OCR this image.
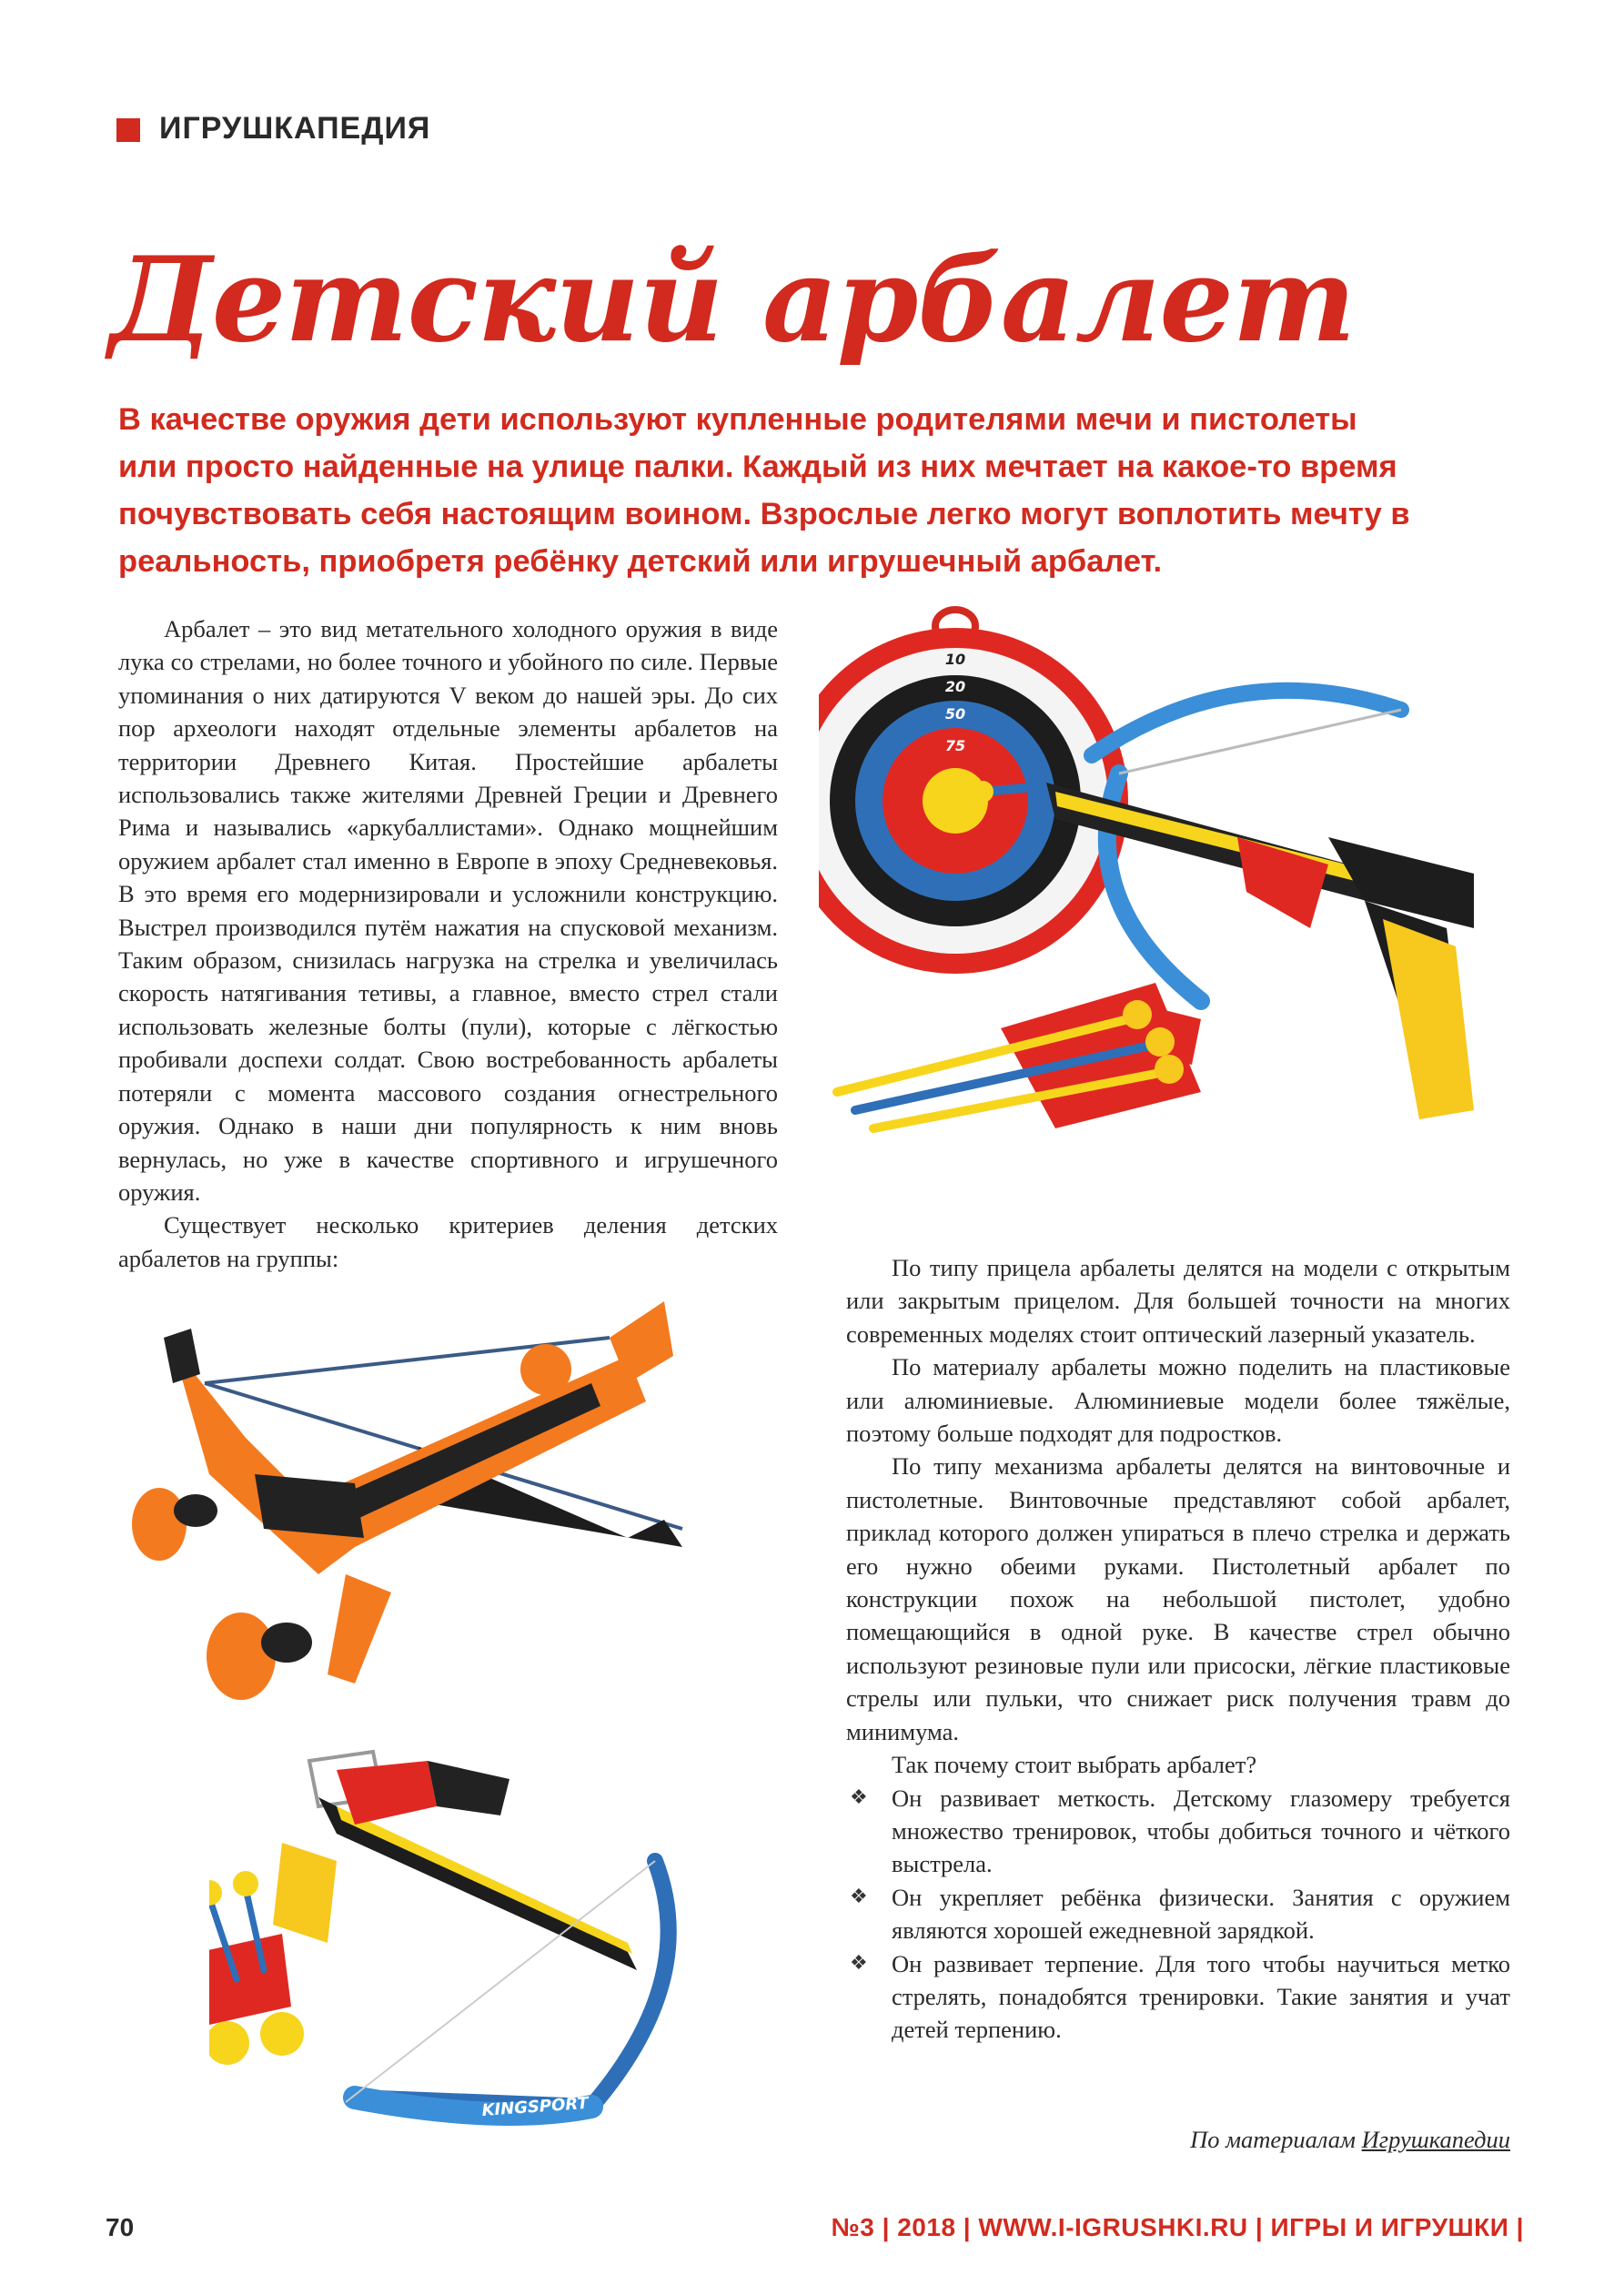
ИГРУШКАПЕДИЯ
Детский арбалет
В качестве оружия дети используют купленные родителями мечи и пистолеты
или просто найденные на улице палки. Каждый из них мечтает на какое-то время
почувствовать себя настоящим воином. Взрослые легко могут воплотить мечту в
реальность, приобретя ребёнку детский или игрушечный арбалет.

Арбалет – это вид метательного холодного оружия в виде лука со стрелами, но более точного и убойного по силе. Первые упоминания о них датируются V веком до нашей эры. До сих пор археологи находят отдельные элементы арбалетов на территории Древнего Китая. Простейшие арбалеты использовались также жителями Древней Греции и Древнего Рима и назывались «аркубаллистами». Однако мощнейшим оружием арбалет стал именно в Европе в эпоху Средневековья. В это время его модернизировали и усложнили конструкцию. Выстрел производился путём нажатия на спусковой механизм. Таким образом, снизилась нагрузка на стрелка и увеличилась скорость натягивания тетивы, а главное, вместо стрел стали использовать железные болты (пули), которые с лёгкостью пробивали доспехи солдат. Свою востребованность арбалеты потеряли с момента массового создания огнестрельного оружия. Однако в наши дни популярность к ним вновь вернулась, но уже в качестве спортивного и игрушечного оружия.

Существует несколько критериев деления детских арбалетов на группы:

10
20
50
75
KINGSPORT

По типу прицела арбалеты делятся на модели с открытым или закрытым прицелом. Для большей точности на многих современных моделях стоит оптический лазерный указатель.

По материалу арбалеты можно поделить на пластиковые или алюминиевые. Алюминиевые модели более тяжёлые, поэтому больше подходят для подростков.

По типу механизма арбалеты делятся на винтовочные и пистолетные. Винтовочные представляют собой арбалет, приклад которого должен упираться в плечо стрелка и держать его нужно обеими руками. Пистолетный арбалет по конструкции похож на небольшой пистолет, удобно помещающийся в одной руке. В качестве стрел обычно используют резиновые пули или присоски, лёгкие пластиковые стрелы или пульки, что снижает риск получения травм до минимума.

Так почему стоит выбрать арбалет?

❖ Он развивает меткость. Детскому глазомеру требуется множество тренировок, чтобы добиться точного и чёткого выстрела.
❖ Он укрепляет ребёнка физически. Занятия с оружием являются хорошей ежедневной зарядкой.
❖ Он развивает терпение. Для того чтобы научиться метко стрелять, понадобятся тренировки. Такие занятия и учат детей терпению.
По материалам Игрушкапедии
70	№3 | 2018 | WWW.I-IGRUSHKI.RU | ИГРЫ И ИГРУШКИ |
